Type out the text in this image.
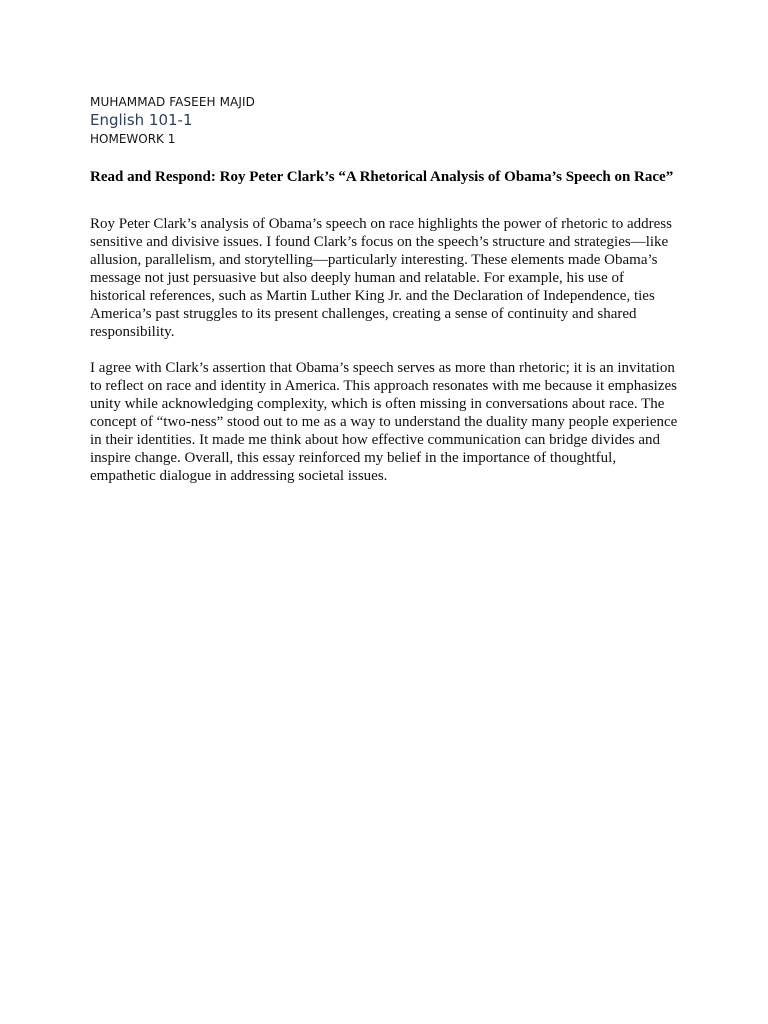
MUHAMMAD FASEEH MAJID

English 101-1

HOMEWORK 1

Read and Respond: Roy Peter Clark’s “A Rhetorical Analysis of Obama’s Speech on Race”

Roy Peter Clark’s analysis of Obama’s speech on race highlights the power of rhetoric to address sensitive and divisive issues. I found Clark’s focus on the speech’s structure and strategies—like allusion, parallelism, and storytelling—particularly interesting. These elements made Obama’s message not just persuasive but also deeply human and relatable. For example, his use of historical references, such as Martin Luther King Jr. and the Declaration of Independence, ties America’s past struggles to its present challenges, creating a sense of continuity and shared responsibility.

I agree with Clark’s assertion that Obama’s speech serves as more than rhetoric; it is an invitation to reflect on race and identity in America. This approach resonates with me because it emphasizes unity while acknowledging complexity, which is often missing in conversations about race. The concept of “two-ness” stood out to me as a way to understand the duality many people experience in their identities. It made me think about how effective communication can bridge divides and inspire change. Overall, this essay reinforced my belief in the importance of thoughtful, empathetic dialogue in addressing societal issues.
